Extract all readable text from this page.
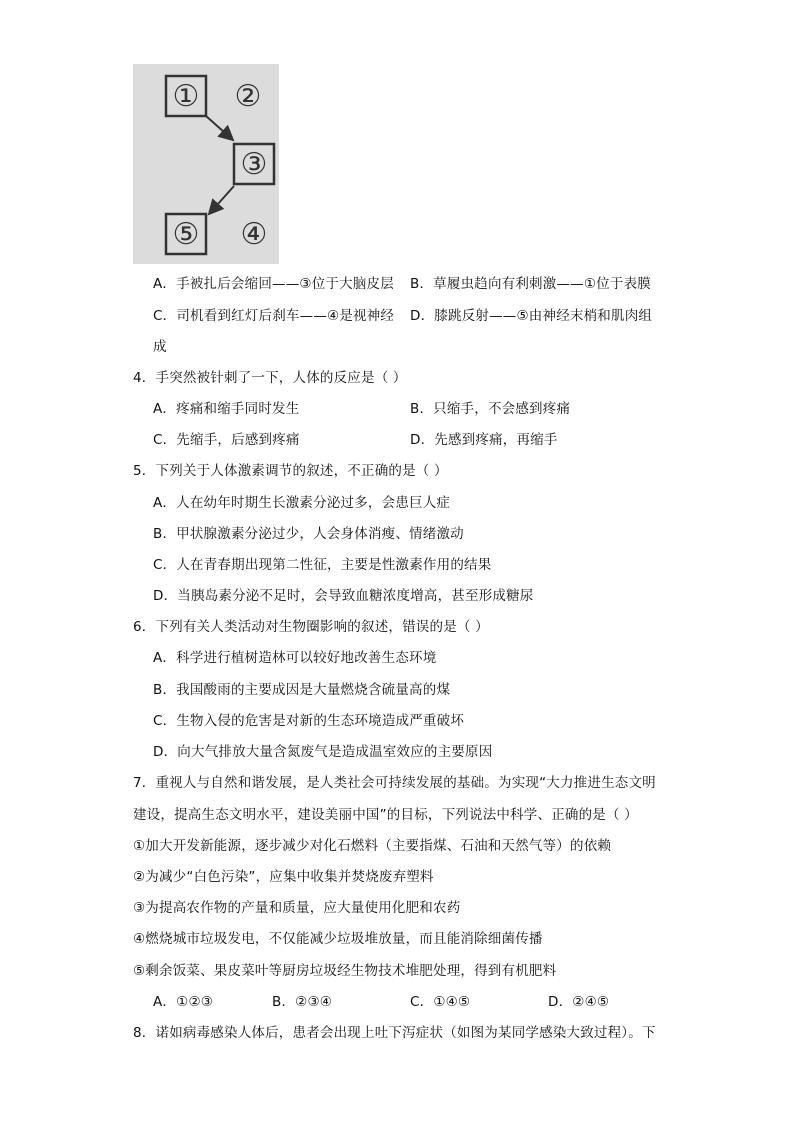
① ②
③
⑤ ④
A．手被扎后会缩回——③位于大脑皮层 B．草履虫趋向有利刺激——①位于表膜
C．司机看到红灯后刹车——④是视神经 D．膝跳反射——⑤由神经末梢和肌肉组
成
4．手突然被针刺了一下，人体的反应是（ ）
A．疼痛和缩手同时发生	B．只缩手，不会感到疼痛
C．先缩手，后感到疼痛	D．先感到疼痛，再缩手
5．下列关于人体激素调节的叙述，不正确的是（ ）
A．人在幼年时期生长激素分泌过多，会患巨人症
B．甲状腺激素分泌过少，人会身体消瘦、情绪激动
C．人在青春期出现第二性征，主要是性激素作用的结果
D．当胰岛素分泌不足时，会导致血糖浓度增高，甚至形成糖尿
6．下列有关人类活动对生物圈影响的叙述，错误的是（ ）
A．科学进行植树造林可以较好地改善生态环境
B．我国酸雨的主要成因是大量燃烧含硫量高的煤
C．生物入侵的危害是对新的生态环境造成严重破坏
D．向大气排放大量含氮废气是造成温室效应的主要原因
7．重视人与自然和谐发展，是人类社会可持续发展的基础。为实现“大力推进生态文明
建设，提高生态文明水平，建设美丽中国”的目标，下列说法中科学、正确的是（ ）
①加大开发新能源，逐步减少对化石燃料（主要指煤、石油和天然气等）的依赖
②为减少“白色污染”，应集中收集并焚烧废弃塑料
③为提高农作物的产量和质量，应大量使用化肥和农药
④燃烧城市垃圾发电，不仅能减少垃圾堆放量，而且能消除细菌传播
⑤剩余饭菜、果皮菜叶等厨房垃圾经生物技术堆肥处理，得到有机肥料
A．①②③	B．②③④	C．①④⑤	D．②④⑤
8．诺如病毒感染人体后，患者会出现上吐下泻症状（如图为某同学感染大致过程）。下
